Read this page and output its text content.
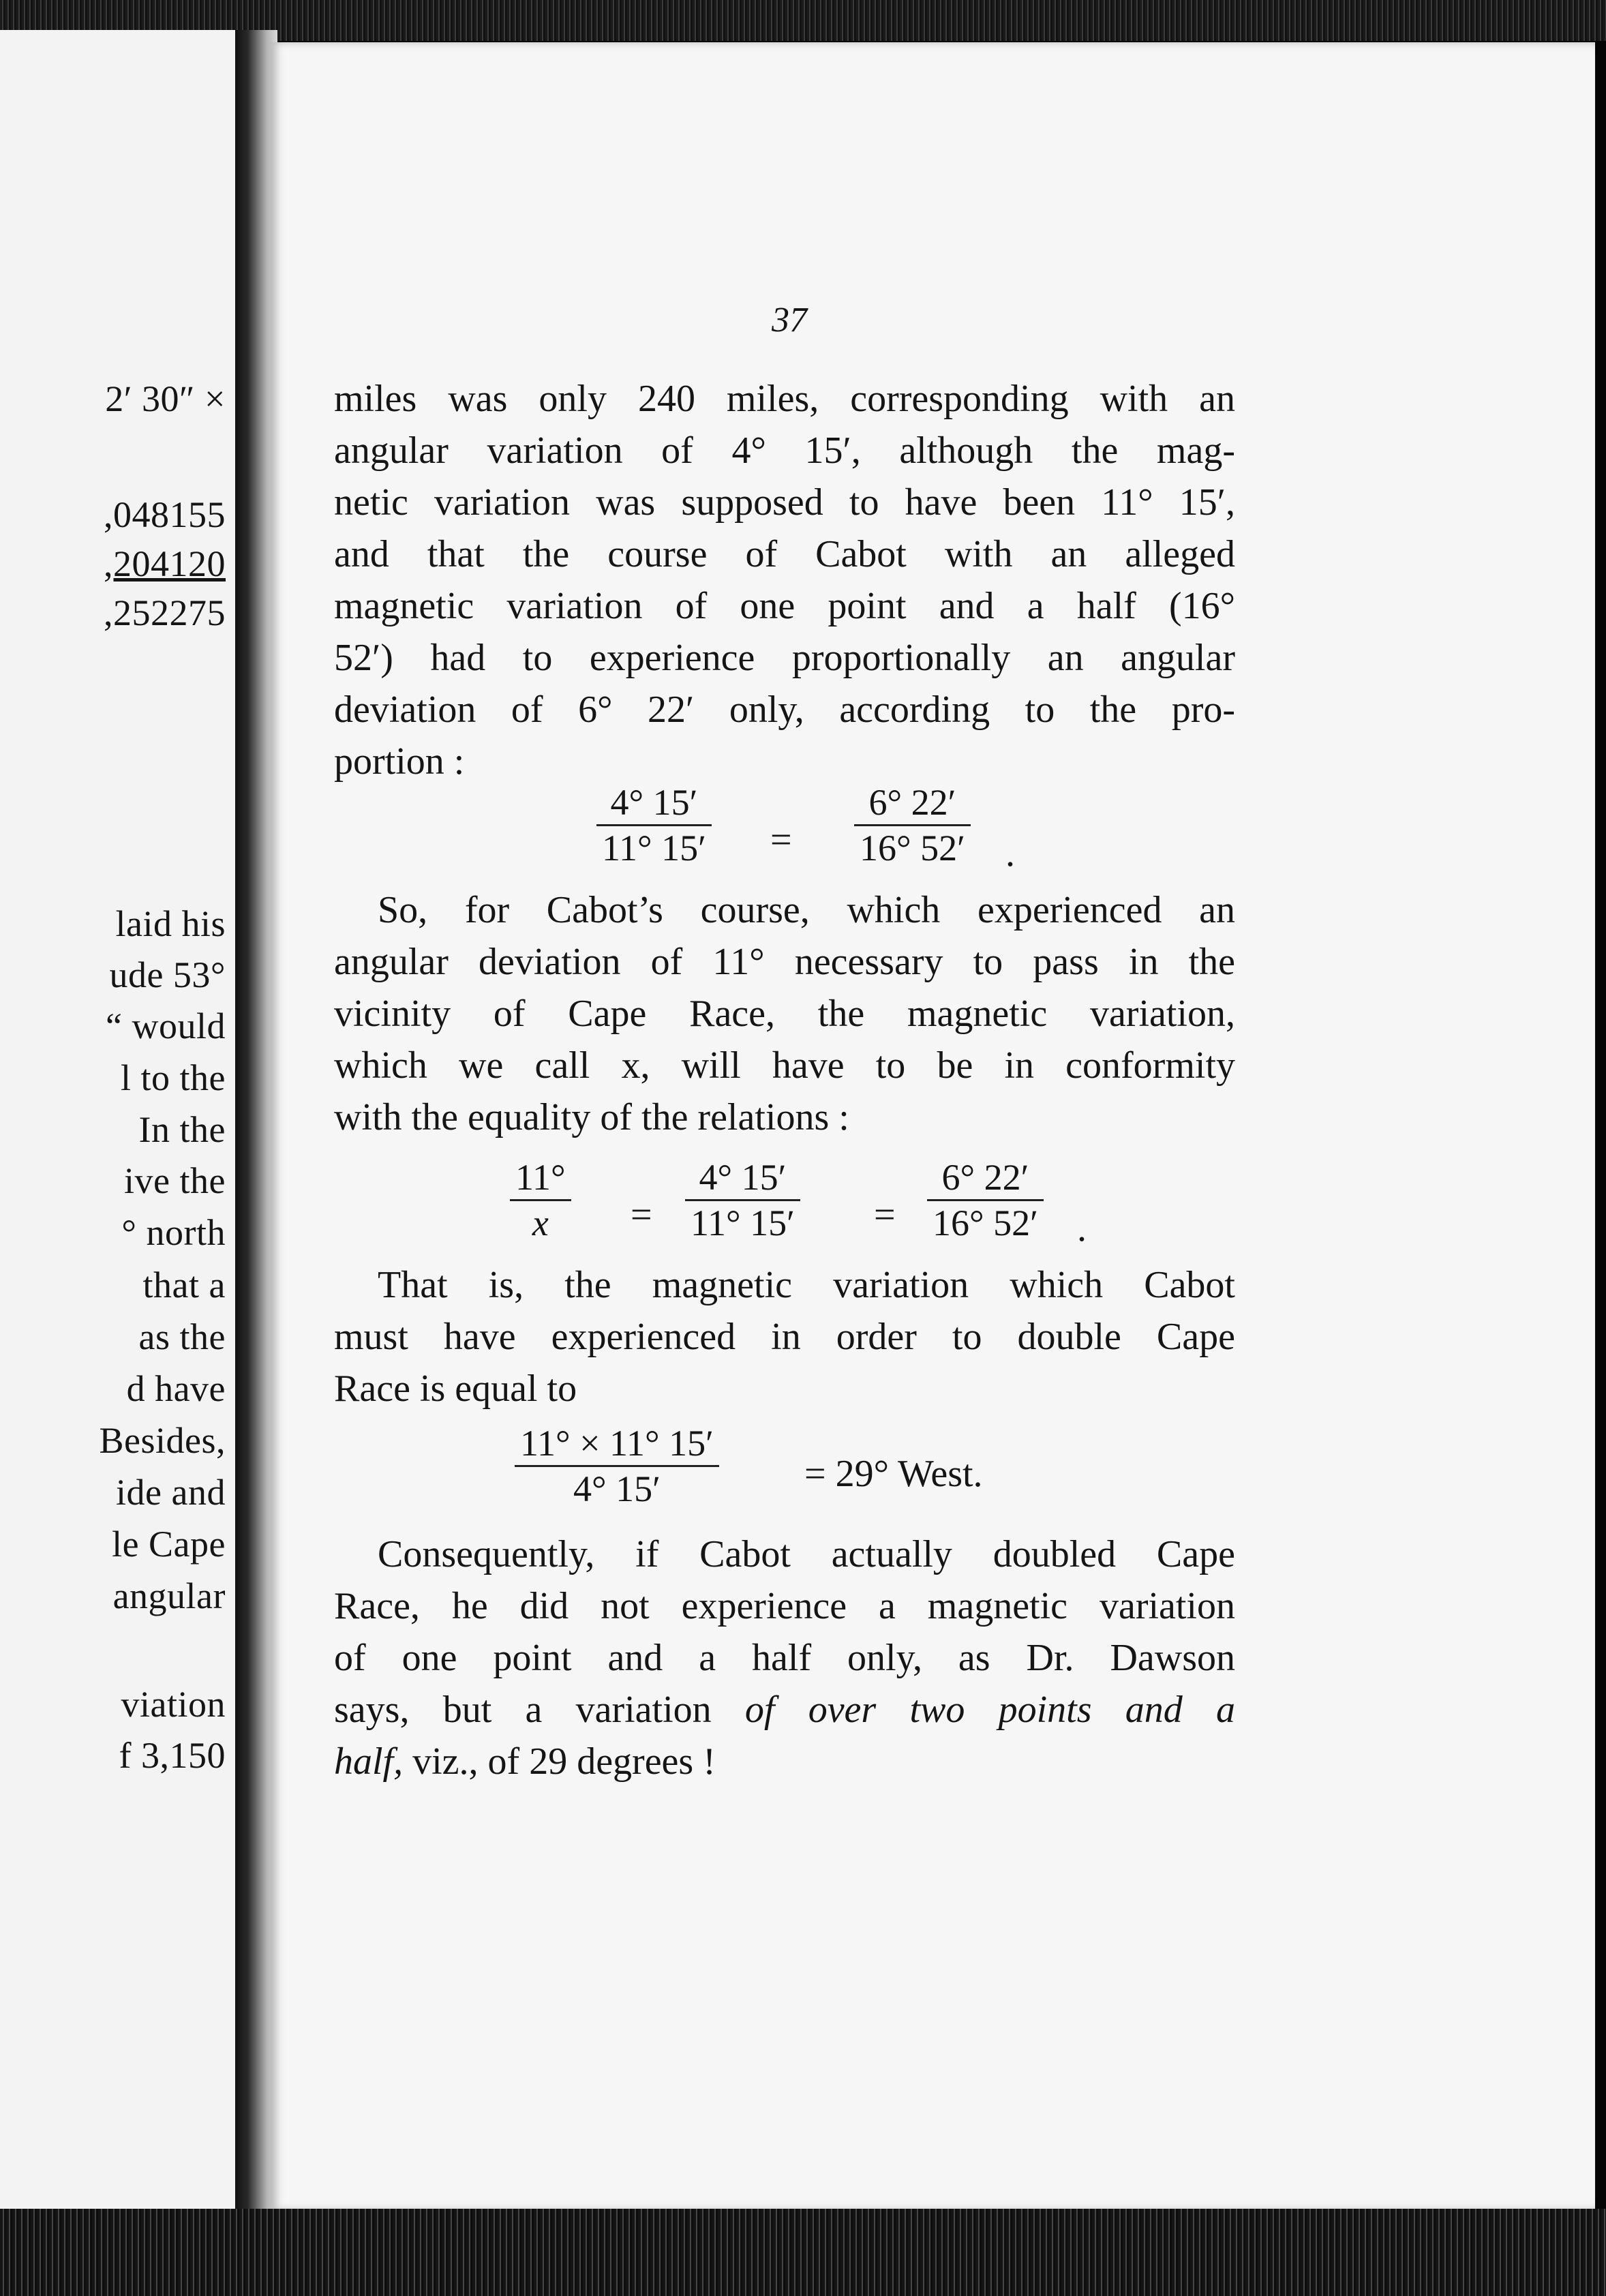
2′ 30″ ×
,048155
,204120
,252275
laid his
ude 53°
“ would
l to the
In the
ive the
° north
that a
as the
d have
Besides,
ide and
le Cape
angular
viation
f 3,150
37
miles was only 240 miles, corresponding with an
angular variation of 4° 15′, although the mag-
netic variation was supposed to have been 11° 15′,
and that the course of Cabot with an alleged
magnetic variation of one point and a half (16°
52′) had to experience proportionally an angular
deviation of 6° 22′ only, according to the pro-
portion :
4° 15′
11° 15′ =
6° 22′
16° 52′ .
So, for Cabot’s course, which experienced an
angular deviation of 11° necessary to pass in the
vicinity of Cape Race, the magnetic variation,
which we call x, will have to be in conformity
with the equality of the relations :
11°
x =
4° 15′
11° 15′ =
6° 22′
16° 52′ .
That is, the magnetic variation which Cabot
must have experienced in order to double Cape
Race is equal to
11° × 11° 15′
4° 15′	= 29° West.
Consequently, if Cabot actually doubled Cape
Race, he did not experience a magnetic variation
of one point and a half only, as Dr. Dawson
says, but a variation of over two points and a
half, viz., of 29 degrees !
